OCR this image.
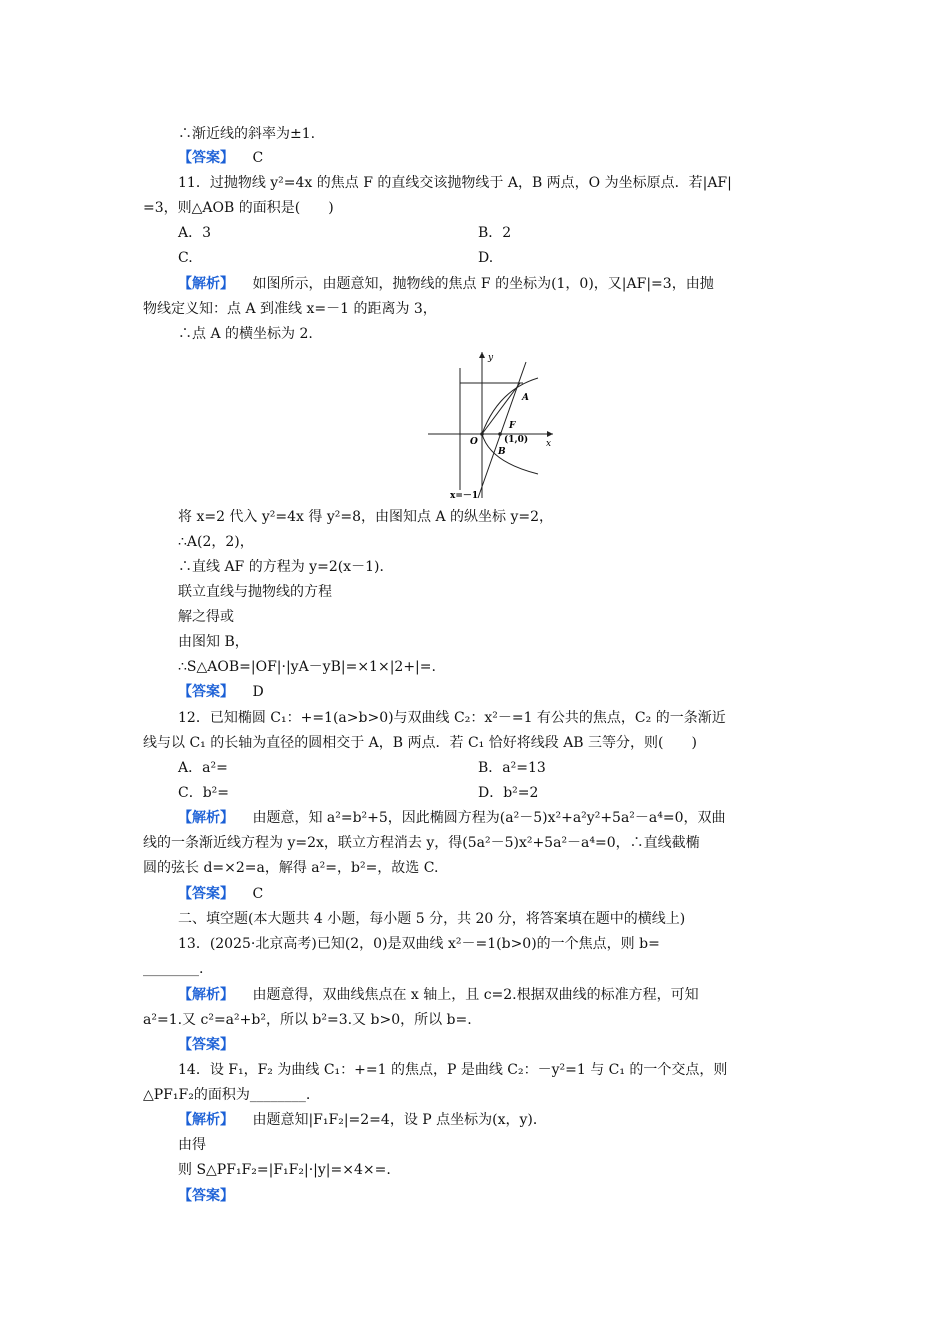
∴渐近线的斜率为±1.
【答案】 C
11．过抛物线 y²=4x 的焦点 F 的直线交该抛物线于 A，B 两点，O 为坐标原点．若|AF|
=3，则△AOB 的面积是(　　)
A．3	B．2
C.	D.
【解析】 如图所示，由题意知，抛物线的焦点 F 的坐标为(1，0)，又|AF|=3，由抛
物线定义知：点 A 到准线 x=－1 的距离为 3，
∴点 A 的横坐标为 2.
y
x
O
A
B
F
(1,0)
x=－1
将 x=2 代入 y²=4x 得 y²=8，由图知点 A 的纵坐标 y=2，
∴A(2，2)，
∴直线 AF 的方程为 y=2(x－1)．
联立直线与抛物线的方程
解之得或
由图知 B，
∴S△AOB=|OF|·|yA－yB|=×1×|2+|=.
【答案】 D
12．已知椭圆 C₁：+=1(a>b>0)与双曲线 C₂：x²－=1 有公共的焦点，C₂ 的一条渐近
线与以 C₁ 的长轴为直径的圆相交于 A，B 两点．若 C₁ 恰好将线段 AB 三等分，则(　　)
A．a²=	B．a²=13
C．b²=	D．b²=2
【解析】 由题意，知 a²=b²+5，因此椭圆方程为(a²－5)x²+a²y²+5a²－a⁴=0，双曲
线的一条渐近线方程为 y=2x，联立方程消去 y，得(5a²－5)x²+5a²－a⁴=0，∴直线截椭
圆的弦长 d=×2=a，解得 a²=，b²=，故选 C.
【答案】 C
二、填空题(本大题共 4 小题，每小题 5 分，共 20 分，将答案填在题中的横线上)
13．(2025·北京高考)已知(2，0)是双曲线 x²－=1(b>0)的一个焦点，则 b=
________.
【解析】 由题意得，双曲线焦点在 x 轴上，且 c=2.根据双曲线的标准方程，可知
a²=1.又 c²=a²+b²，所以 b²=3.又 b>0，所以 b=.
【答案】
14．设 F₁，F₂ 为曲线 C₁：+=1 的焦点，P 是曲线 C₂：－y²=1 与 C₁ 的一个交点，则
△PF₁F₂的面积为________.
【解析】 由题意知|F₁F₂|=2=4，设 P 点坐标为(x，y)．
由得
则 S△PF₁F₂=|F₁F₂|·|y|=×4×=.
【答案】
